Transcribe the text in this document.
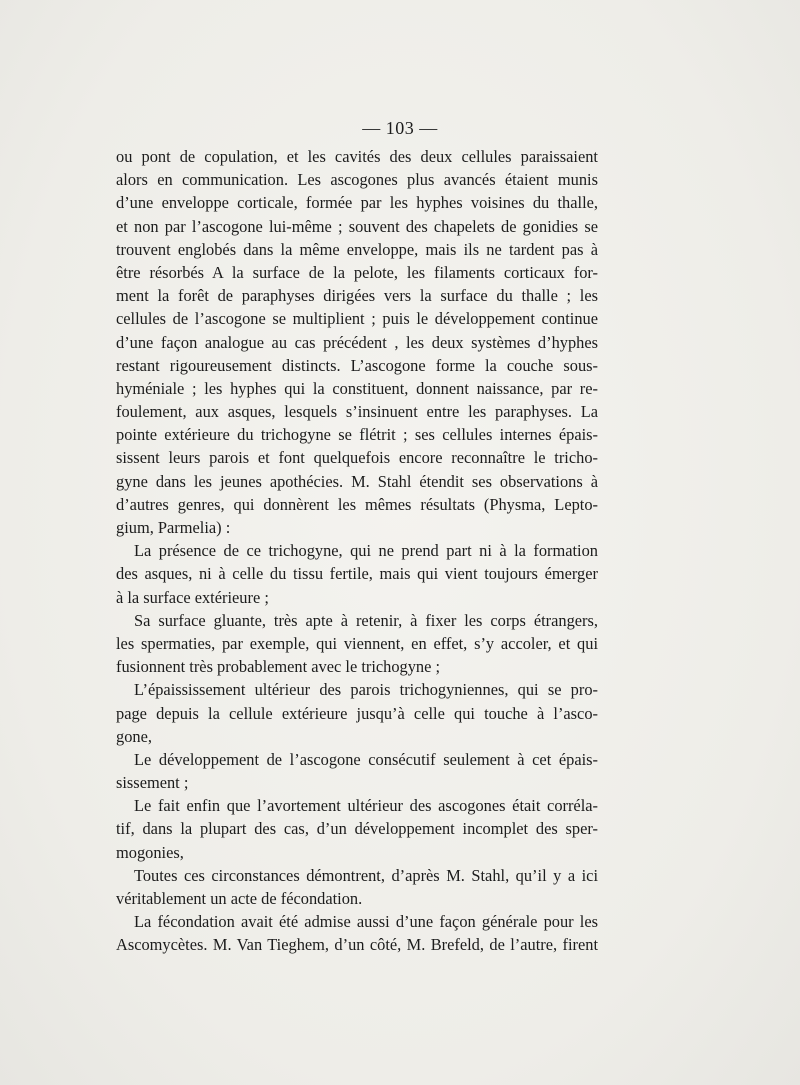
— 103 —
ou pont de copulation, et les cavités des deux cellules paraissaient
alors en communication. Les ascogones plus avancés étaient munis
d’une enveloppe corticale, formée par les hyphes voisines du thalle,
et non par l’ascogone lui-même ; souvent des chapelets de gonidies se
trouvent englobés dans la même enveloppe, mais ils ne tardent pas à
être résorbés A la surface de la pelote, les filaments corticaux for-
ment la forêt de paraphyses dirigées vers la surface du thalle ; les
cellules de l’ascogone se multiplient ; puis le développement continue
d’une façon analogue au cas précédent , les deux systèmes d’hyphes
restant rigoureusement distincts. L’ascogone forme la couche sous-
hyméniale ; les hyphes qui la constituent, donnent naissance, par re-
foulement, aux asques, lesquels s’insinuent entre les paraphyses. La
pointe extérieure du trichogyne se flétrit ; ses cellules internes épais-
sissent leurs parois et font quelquefois encore reconnaître le tricho-
gyne dans les jeunes apothécies. M. Stahl étendit ses observations à
d’autres genres, qui donnèrent les mêmes résultats (Physma, Lepto-
gium, Parmelia) :
La présence de ce trichogyne, qui ne prend part ni à la formation
des asques, ni à celle du tissu fertile, mais qui vient toujours émerger
à la surface extérieure ;
Sa surface gluante, très apte à retenir, à fixer les corps étrangers,
les spermaties, par exemple, qui viennent, en effet, s’y accoler, et qui
fusionnent très probablement avec le trichogyne ;
L’épaississement ultérieur des parois trichogyniennes, qui se pro-
page depuis la cellule extérieure jusqu’à celle qui touche à l’asco-
gone,
Le développement de l’ascogone consécutif seulement à cet épais-
sissement ;
Le fait enfin que l’avortement ultérieur des ascogones était corréla-
tif, dans la plupart des cas, d’un développement incomplet des sper-
mogonies,
Toutes ces circonstances démontrent, d’après M. Stahl, qu’il y a ici
véritablement un acte de fécondation.
La fécondation avait été admise aussi d’une façon générale pour les
Ascomycètes. M. Van Tieghem, d’un côté, M. Brefeld, de l’autre, firent
